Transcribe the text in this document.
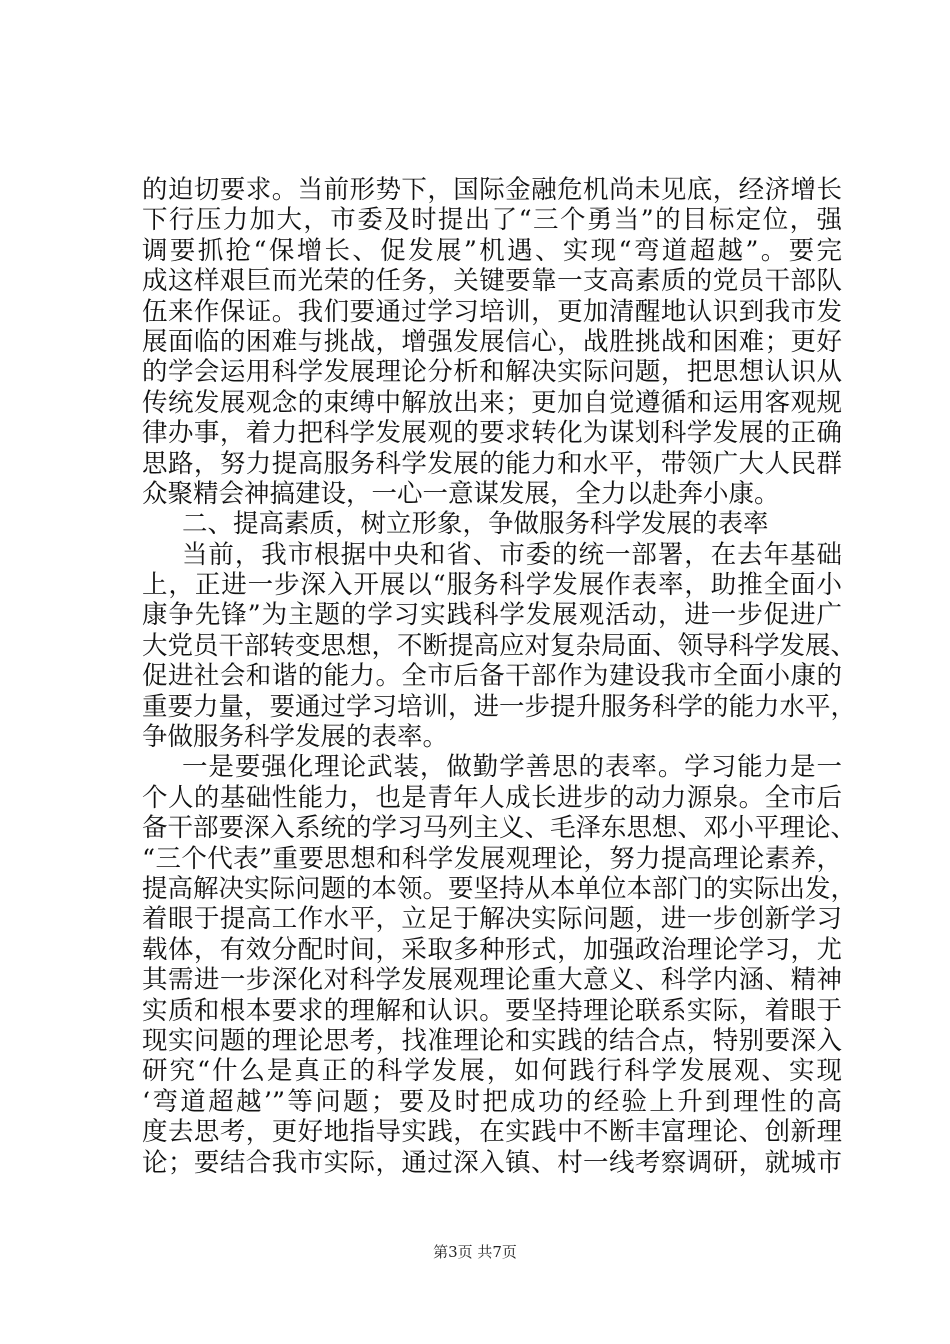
的迫切要求。当前形势下，国际金融危机尚未见底，经济增长
下行压力加大，市委及时提出了“三个勇当”的目标定位，强
调要抓抢“保增长、促发展”机遇、实现“弯道超越”。要完
成这样艰巨而光荣的任务，关键要靠一支高素质的党员干部队
伍来作保证。我们要通过学习培训，更加清醒地认识到我市发
展面临的困难与挑战，增强发展信心，战胜挑战和困难；更好
的学会运用科学发展理论分析和解决实际问题，把思想认识从
传统发展观念的束缚中解放出来；更加自觉遵循和运用客观规
律办事，着力把科学发展观的要求转化为谋划科学发展的正确
思路，努力提高服务科学发展的能力和水平，带领广大人民群
众聚精会神搞建设，一心一意谋发展，全力以赴奔小康。
二、提高素质，树立形象，争做服务科学发展的表率
当前，我市根据中央和省、市委的统一部署，在去年基础
上，正进一步深入开展以“服务科学发展作表率，助推全面小
康争先锋”为主题的学习实践科学发展观活动，进一步促进广
大党员干部转变思想，不断提高应对复杂局面、领导科学发展、
促进社会和谐的能力。全市后备干部作为建设我市全面小康的
重要力量，要通过学习培训，进一步提升服务科学的能力水平，
争做服务科学发展的表率。
一是要强化理论武装，做勤学善思的表率。学习能力是一
个人的基础性能力，也是青年人成长进步的动力源泉。全市后
备干部要深入系统的学习马列主义、毛泽东思想、邓小平理论、
“三个代表”重要思想和科学发展观理论，努力提高理论素养，
提高解决实际问题的本领。要坚持从本单位本部门的实际出发，
着眼于提高工作水平，立足于解决实际问题，进一步创新学习
载体，有效分配时间，采取多种形式，加强政治理论学习，尤
其需进一步深化对科学发展观理论重大意义、科学内涵、精神
实质和根本要求的理解和认识。要坚持理论联系实际，着眼于
现实问题的理论思考，找准理论和实践的结合点，特别要深入
研究“什么是真正的科学发展，如何践行科学发展观、实现
‘弯道超越’”等问题；要及时把成功的经验上升到理性的高
度去思考，更好地指导实践，在实践中不断丰富理论、创新理
论；要结合我市实际，通过深入镇、村一线考察调研，就城市
第3页 共7页
